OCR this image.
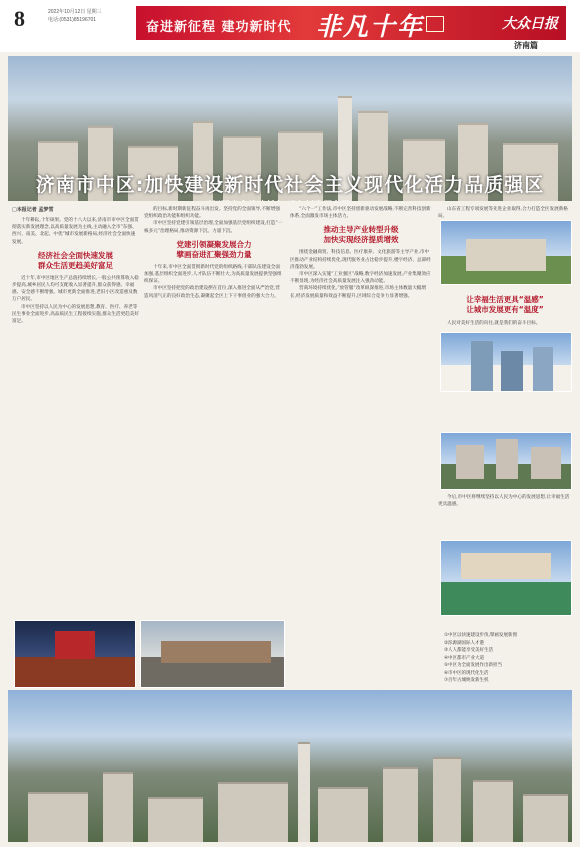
8	2022年10月12日 星期三
电话:(0531)85196701	奋进新征程 建功新时代 非凡十年	大众日报
济南篇
济南市中区:加快建设新时代社会主义现代化活力品质强区
□本报记者 孟梦雪

十年耕耘,十年硕果。党的十八大以来,济南市市中区全面贯彻落实新发展理念,以高质量发展为主线,主动融入全市“东强、西兴、南美、北起、中优”城市发展新格局,经济社会全面快速发展。

经济社会全面快速发展
群众生活更趋美好富足

近十年,市中区地区生产总值持续增长,一般公共预算收入稳步提高,城乡居民人均可支配收入显著提升,群众获得感、幸福感、安全感不断增强。城市更新全面推进,老旧小区改造惠及数万户居民。

市中区坚持以人民为中心的发展思想,教育、医疗、养老等民生事业全面进步,高品质民生工程接续实施,群众生活更趋美好富足。

的目标,新时期新征程奋斗再出发。坚持党的全面领导,不断增强党组织政治功能和组织功能。

市中区坚持党建引领基层治理,全面加强基层党组织建设,打造“一核多元”治理格局,推动资源下沉、力量下沉。

党建引领凝聚发展合力
擘画奋进汇聚强劲力量

十年来,市中区全面贯彻新时代党的组织路线,干部队伍建设全面加强,基层组织全面进步,人才队伍不断壮大,为高质量发展提供坚强组织保证。

市中区坚持把党的政治建设摆在首位,深入推进全面从严治党,营造风清气正的良好政治生态,凝聚起全区上下干事创业的强大合力。

“六个一”工作法,市中区坚持创新驱动发展战略,不断完善科技创新体系,全面激发市场主体活力。

推动主导产业转型升级
加快实现经济提质增效

围绕金融商贸、科技信息、医疗康养、文化旅游等主导产业,市中区推动产业结构持续优化,现代服务业占比稳步提升,楼宇经济、总部经济蓬勃发展。

市中区深入实施“工业强区”战略,数字经济加速发展,产业集聚效应不断显现,为经济社会高质量发展注入强劲动能。

营商环境持续优化,“放管服”改革纵深推进,市场主体数量大幅增长,经济发展质量和效益不断提升,区域综合竞争力显著增强。

山东省工程专项发展等先进企业取得,合力打造全区发展新格局。

让幸福生活更具“温感”
让城市发展更有“温度”

人民对美好生活的向往,就是我们的奋斗目标。

今后,市中区将继续坚持以人民为中心的发展思想,让幸福生活更具温感。

①中区以快速建设步伐,擘画发展新图
②泺源湖国际人才港
③人人都能享受美好生活
④中区都市产业大道
⑤中区为全面发展作出新担当
⑥市中区的现代化生活
⑦百年古城焕发新生机
